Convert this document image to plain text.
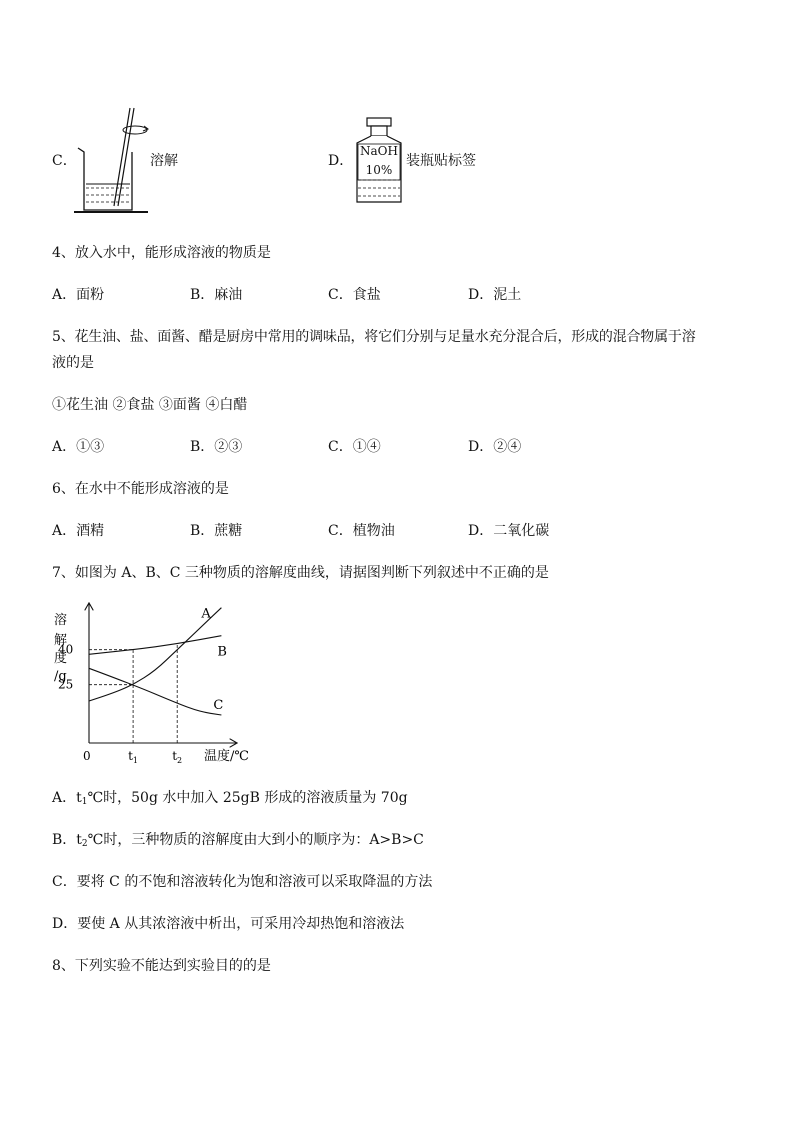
C．	溶解	D．
NaOH
10%
装瓶贴标签
4、放入水中，能形成溶液的物质是
A．面粉	B．麻油	C．食盐	D．泥土
5、花生油、盐、面酱、醋是厨房中常用的调味品，将它们分别与足量水充分混合后，形成的混合物属于溶
液的是
①花生油 ②食盐 ③面酱 ④白醋
A．①③	B．②③	C．①④	D．②④
6、在水中不能形成溶液的是
A．酒精	B．蔗糖	C．植物油	D．二氧化碳
7、如图为 A、B、C 三种物质的溶解度曲线，请据图判断下列叙述中不正确的是
溶
解
度
/g
0	温度/℃
A
B
C
40
25
$t_1$	$t_2$
A．$t_1℃$时，50g 水中加入 25gB 形成的溶液质量为 70g
B．$t_2℃$时，三种物质的溶解度由大到小的顺序为：A>B>C
C．要将 C 的不饱和溶液转化为饱和溶液可以采取降温的方法
D．要使 A 从其浓溶液中析出，可采用冷却热饱和溶液法
8、下列实验不能达到实验目的的是
